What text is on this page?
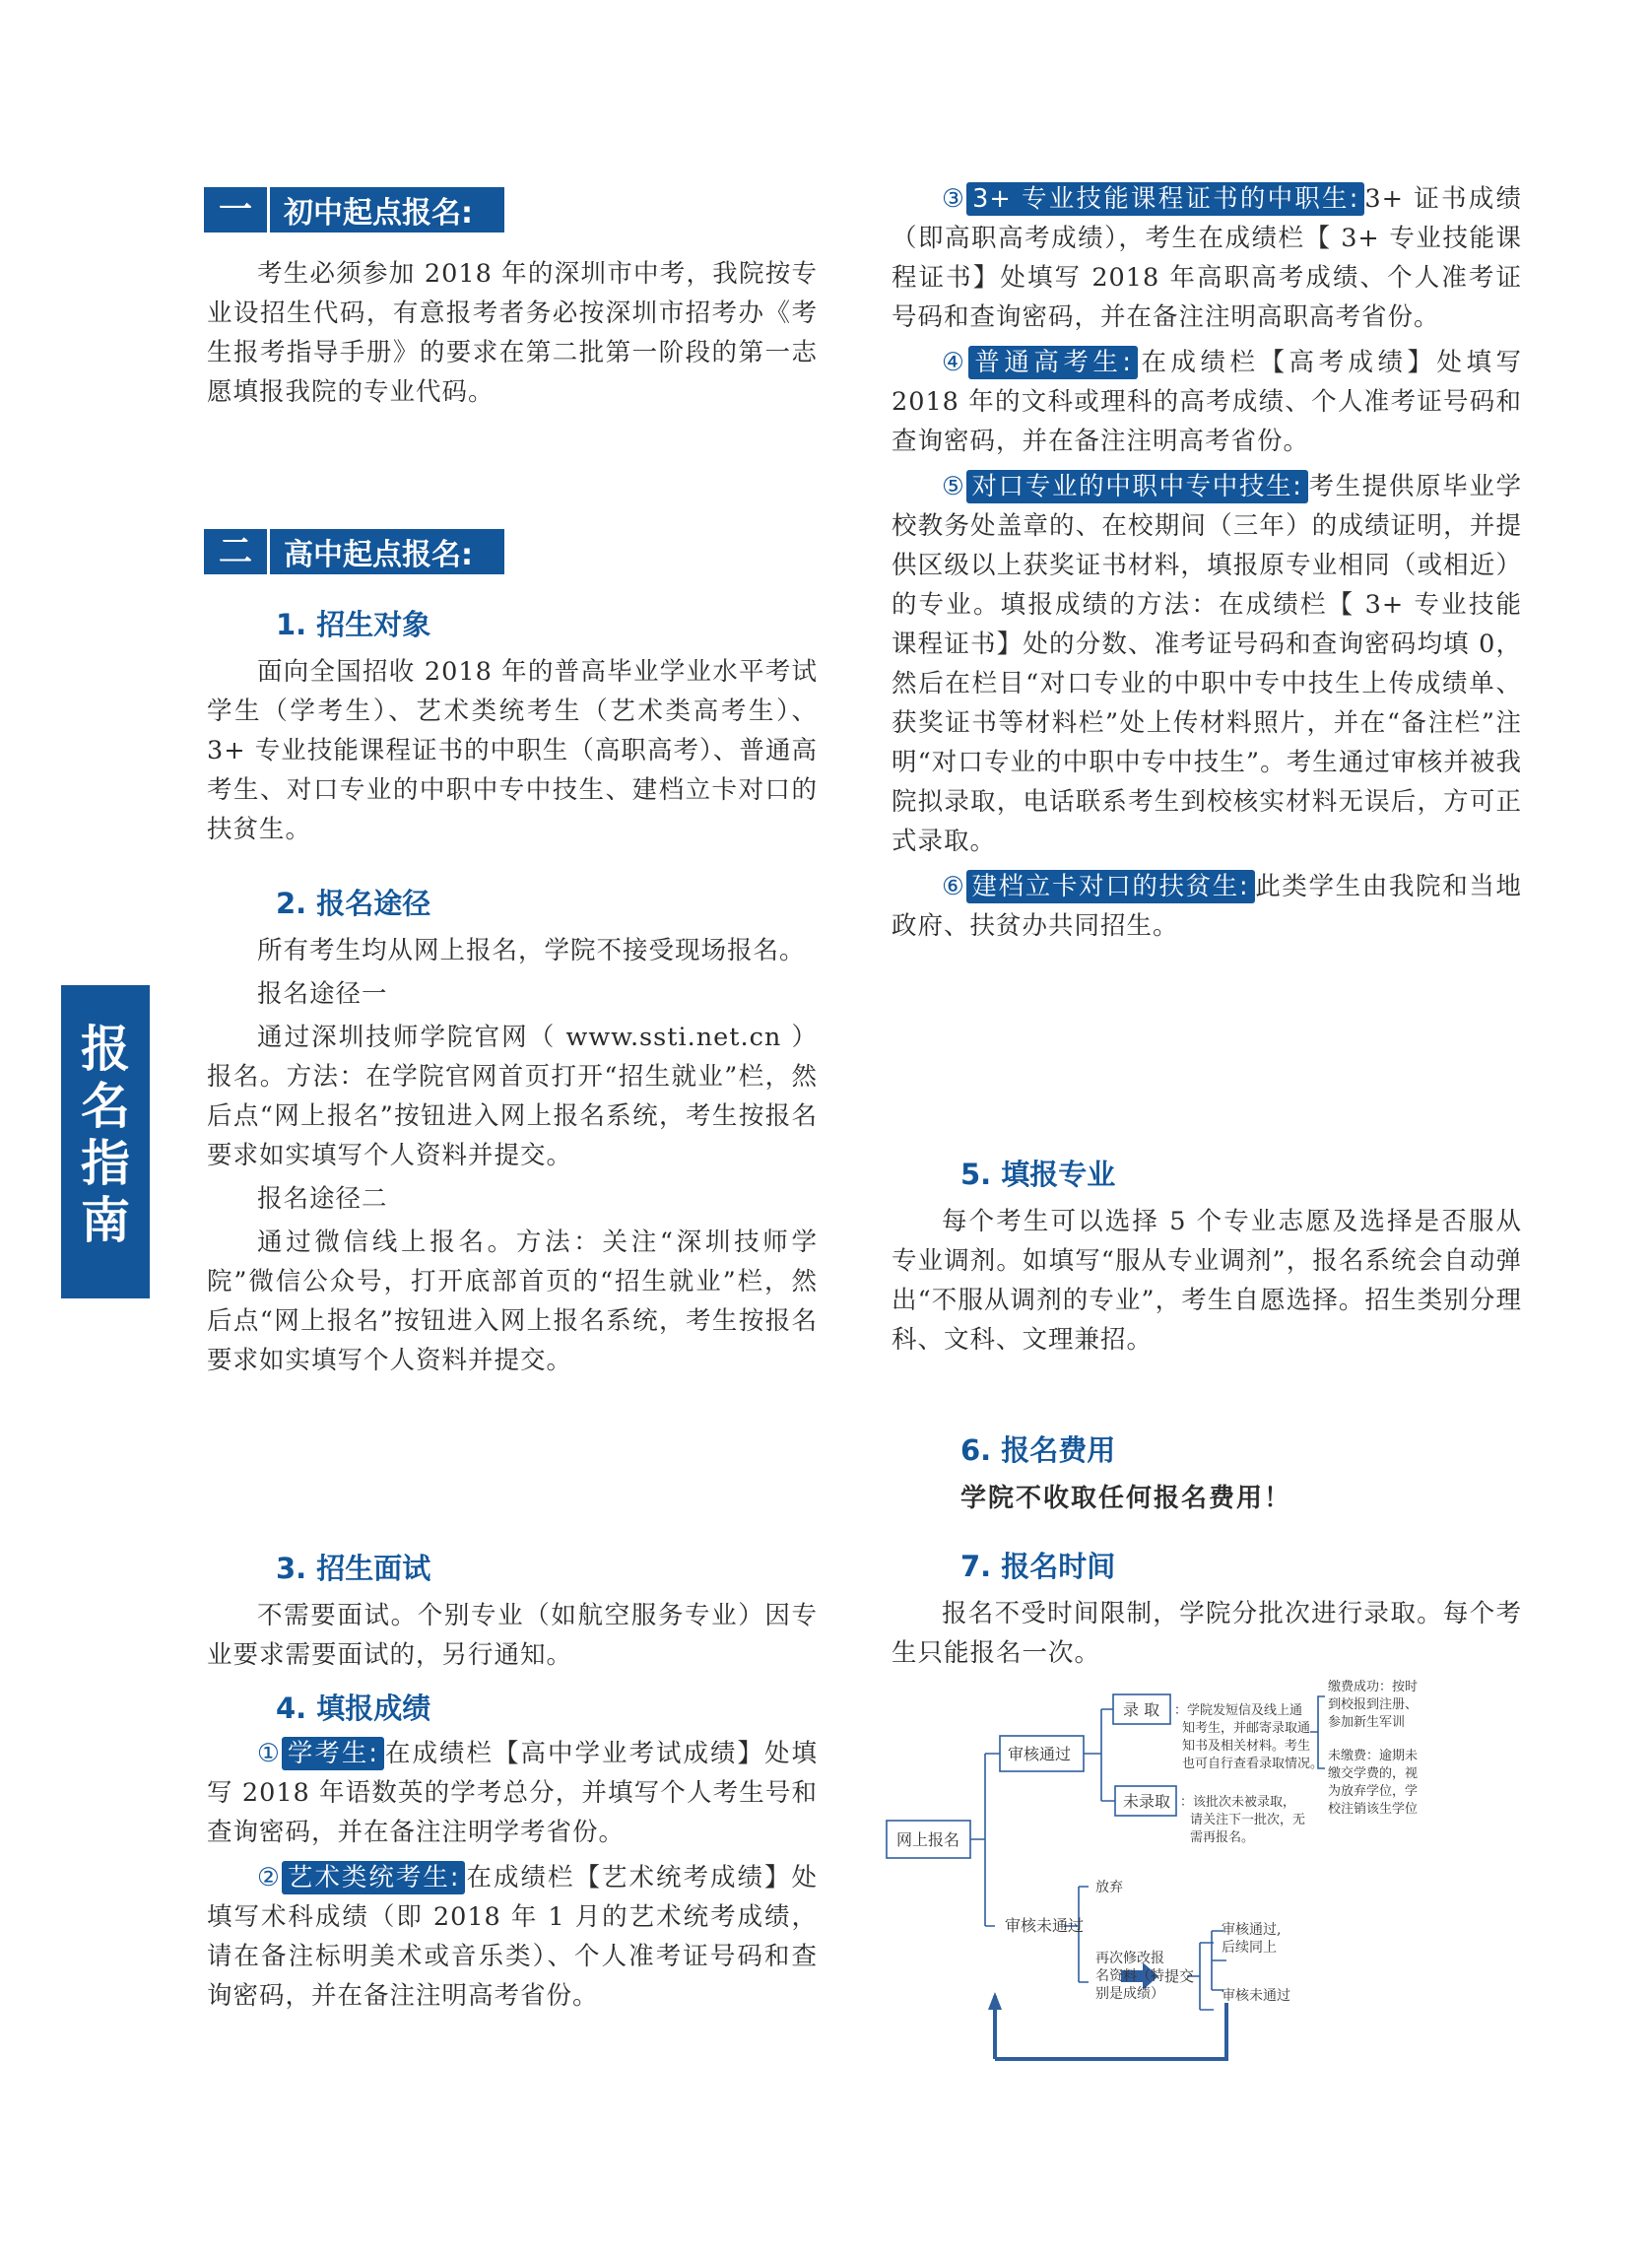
报名指南
一	初中起点报名:

考生必须参加 2018 年的深圳市中考，我院按专业设招生代码，有意报考者务必按深圳市招考办《考生报考指导手册》的要求在第二批第一阶段的第一志愿填报我院的专业代码。

二	高中起点报名:
1. 招生对象

面向全国招收 2018 年的普高毕业学业水平考试学生（学考生）、艺术类统考生（艺术类高考生）、3+ 专业技能课程证书的中职生（高职高考）、普通高考生、对口专业的中职中专中技生、建档立卡对口的扶贫生。

2. 报名途径

所有考生均从网上报名，学院不接受现场报名。

报名途径一

通过深圳技师学院官网（ www.ssti.net.cn ）报名。方法：在学院官网首页打开“招生就业”栏，然后点“网上报名”按钮进入网上报名系统，考生按报名要求如实填写个人资料并提交。

报名途径二

通过微信线上报名。方法：关注“深圳技师学院”微信公众号，打开底部首页的“招生就业”栏，然后点“网上报名”按钮进入网上报名系统，考生按报名要求如实填写个人资料并提交。

3. 招生面试

不需要面试。个别专业（如航空服务专业）因专业要求需要面试的，另行通知。

4. 填报成绩

① 学考生: 在成绩栏【高中学业考试成绩】处填写 2018 年语数英的学考总分，并填写个人考生号和查询密码，并在备注注明学考省份。

② 艺术类统考生: 在成绩栏【艺术统考成绩】处填写术科成绩（即 2018 年 1 月的艺术统考成绩，请在备注标明美术或音乐类）、个人准考证号码和查询密码，并在备注注明高考省份。

③ 3+ 专业技能课程证书的中职生: 3+ 证书成绩（即高职高考成绩），考生在成绩栏【 3+ 专业技能课程证书】处填写 2018 年高职高考成绩、个人准考证号码和查询密码，并在备注注明高职高考省份。

④ 普通高考生: 在成绩栏【高考成绩】处填写 2018 年的文科或理科的高考成绩、个人准考证号码和查询密码，并在备注注明高考省份。

⑤ 对口专业的中职中专中技生: 考生提供原毕业学校教务处盖章的、在校期间（三年）的成绩证明，并提供区级以上获奖证书材料，填报原专业相同（或相近）的专业。填报成绩的方法：在成绩栏【 3+ 专业技能课程证书】处的分数、准考证号码和查询密码均填 0，然后在栏目“对口专业的中职中专中技生上传成绩单、获奖证书等材料栏”处上传材料照片，并在“备注栏”注明“对口专业的中职中专中技生”。考生通过审核并被我院拟录取，电话联系考生到校核实材料无误后，方可正式录取。

⑥ 建档立卡对口的扶贫生: 此类学生由我院和当地政府、扶贫办共同招生。

5. 填报专业

每个考生可以选择 5 个专业志愿及选择是否服从专业调剂。如填写“服从专业调剂”，报名系统会自动弹出“不服从调剂的专业”，考生自愿选择。招生类别分理科、文科、文理兼招。

6. 报名费用
学院不收取任何报名费用！
7. 报名时间

报名不受时间限制，学院分批次进行录取。每个考生只能报名一次。

网上报名
审核通过
审核未通过
录 取 ：学院发短信及线上通
知考生，并邮寄录取通
知书及相关材料。考生
也可自行查看录取情况。
未录取 ：该批次未被录取，
请关注下一批次，无
需再报名。
缴费成功：按时
到校报到注册、
参加新生军训
未缴费：逾期未
缴交学费的，视
为放弃学位，学
校注销该生学位
放弃
再次修改报
名资料（特
别是成绩）
提交
审核通过,
后续同上
审核未通过
